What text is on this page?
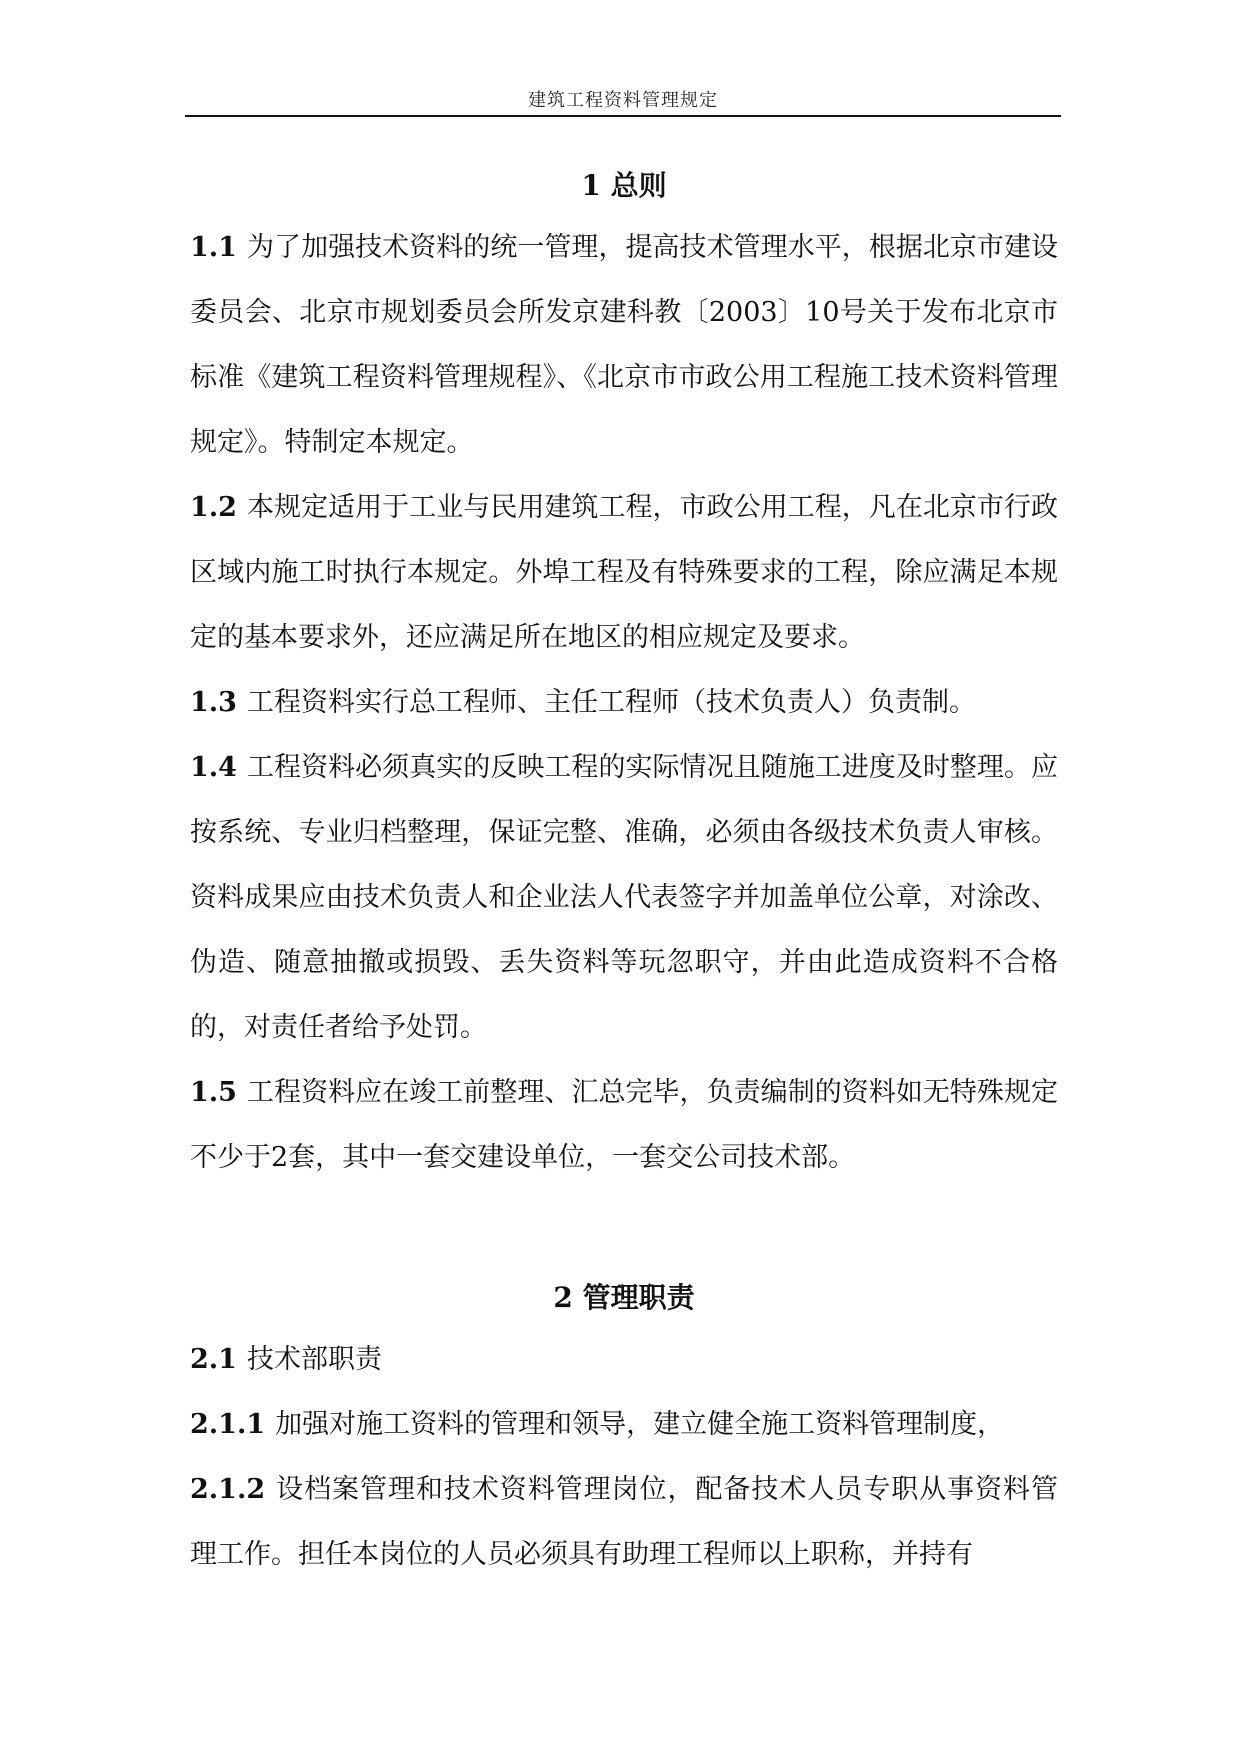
建筑工程资料管理规定
1 总则
1.1 为了加强技术资料的统一管理，提高技术管理水平，根据北京市建设委员会、北京市规划委员会所发京建科教〔2003〕10号关于发布北京市标准《建筑工程资料管理规程》、《北京市市政公用工程施工技术资料管理规定》。特制定本规定。
1.2 本规定适用于工业与民用建筑工程，市政公用工程，凡在北京市行政区域内施工时执行本规定。外埠工程及有特殊要求的工程，除应满足本规定的基本要求外，还应满足所在地区的相应规定及要求。
1.3 工程资料实行总工程师、主任工程师（技术负责人）负责制。
1.4 工程资料必须真实的反映工程的实际情况且随施工进度及时整理。应按系统、专业归档整理，保证完整、准确，必须由各级技术负责人审核。资料成果应由技术负责人和企业法人代表签字并加盖单位公章，对涂改、伪造、随意抽撤或损毁、丢失资料等玩忽职守，并由此造成资料不合格的，对责任者给予处罚。
1.5 工程资料应在竣工前整理、汇总完毕，负责编制的资料如无特殊规定不少于2套，其中一套交建设单位，一套交公司技术部。
2 管理职责
2.1 技术部职责
2.1.1 加强对施工资料的管理和领导，建立健全施工资料管理制度，
2.1.2 设档案管理和技术资料管理岗位，配备技术人员专职从事资料管理工作。担任本岗位的人员必须具有助理工程师以上职称，并持有
